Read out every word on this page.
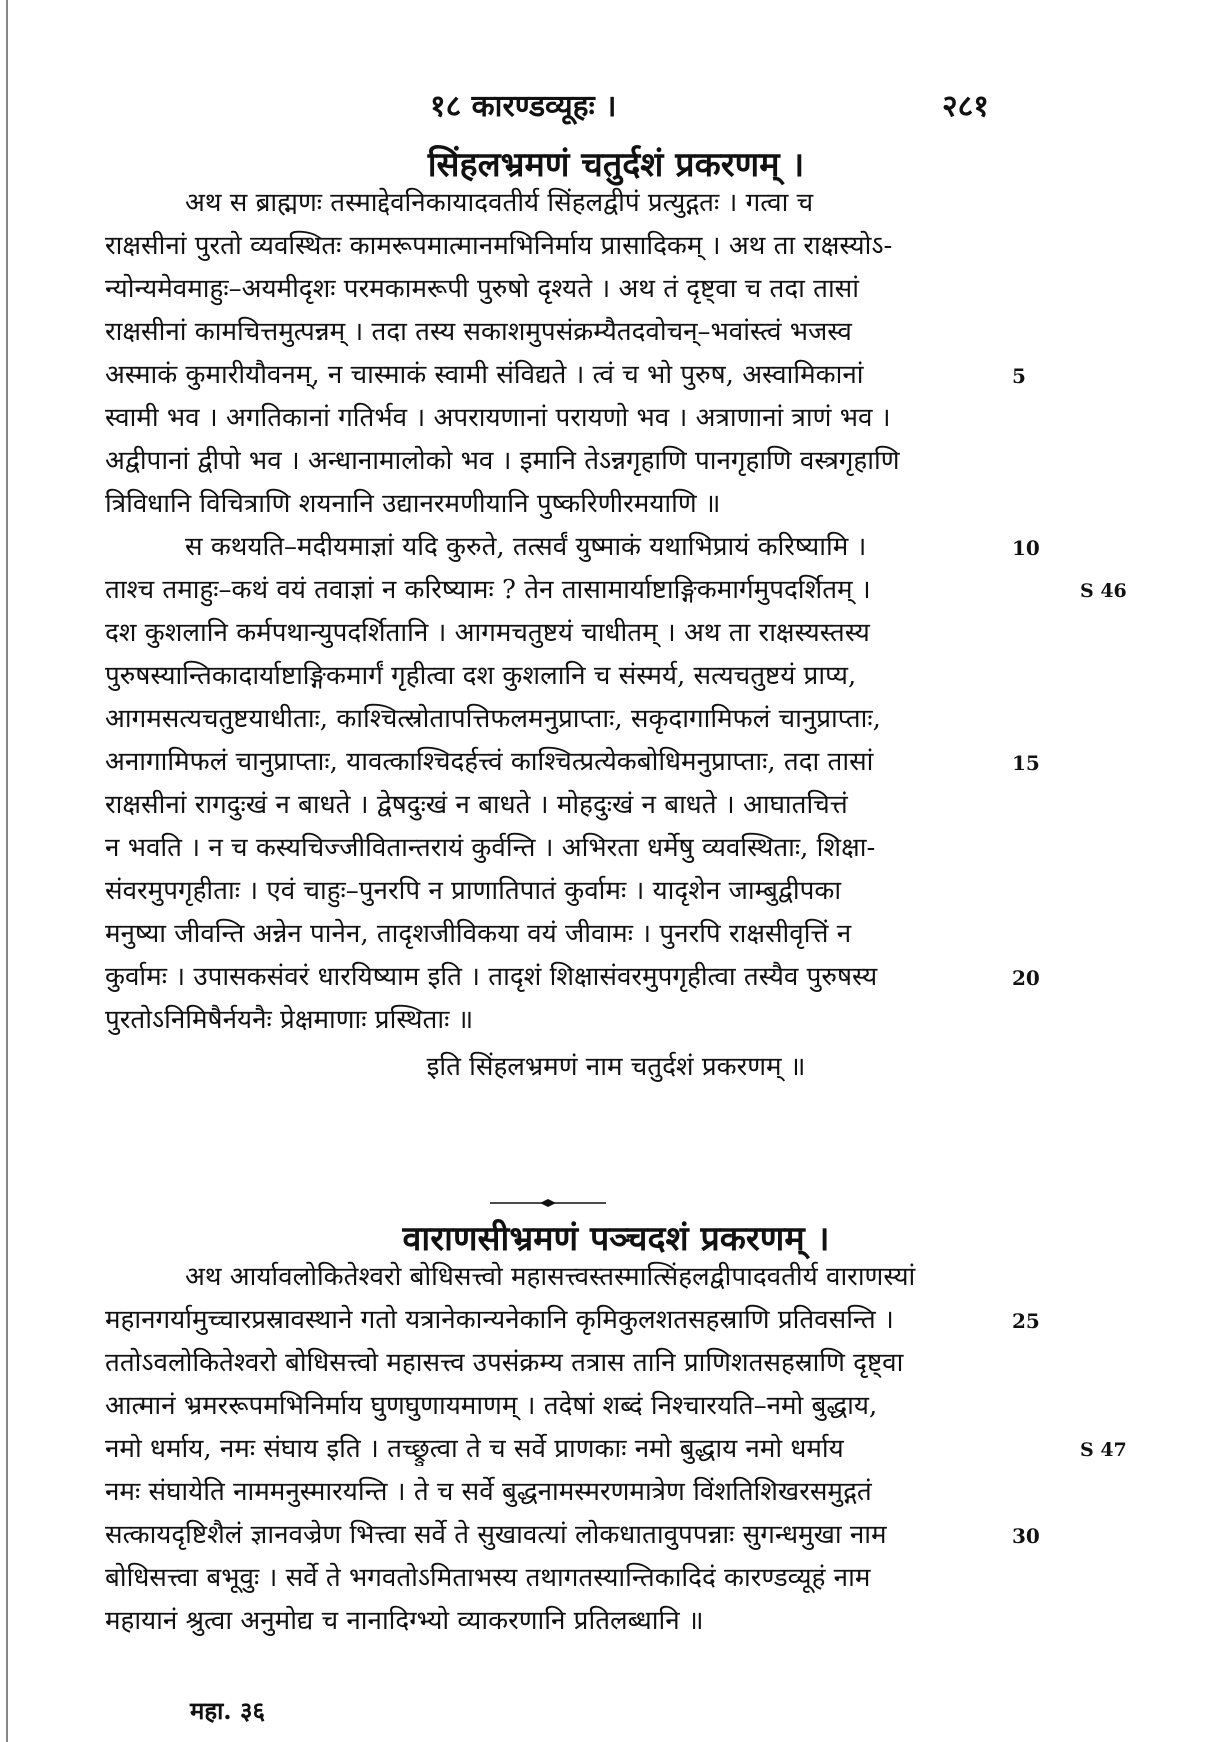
१८ कारण्डव्यूहः ।	२८१
सिंहलभ्रमणं चतुर्दशं प्रकरणम् ।
अथ स ब्राह्मणः तस्माद्देवनिकायादवतीर्य सिंहलद्वीपं प्रत्युद्गतः । गत्वा च
राक्षसीनां पुरतो व्यवस्थितः कामरूपमात्मानमभिनिर्माय प्रासादिकम् । अथ ता राक्षस्योऽ-
न्योन्यमेवमाहुः–अयमीदृशः परमकामरूपी पुरुषो दृश्यते । अथ तं दृष्ट्वा च तदा तासां
राक्षसीनां कामचित्तमुत्पन्नम् । तदा तस्य सकाशमुपसंक्रम्यैतदवोचन्–भवांस्त्वं भजस्व
अस्माकं कुमारीयौवनम्, न चास्माकं स्वामी संविद्यते । त्वं च भो पुरुष, अस्वामिकानां
स्वामी भव । अगतिकानां गतिर्भव । अपरायणानां परायणो भव । अत्राणानां त्राणं भव ।
अद्वीपानां द्वीपो भव । अन्धानामालोको भव । इमानि तेऽन्नगृहाणि पानगृहाणि वस्त्रगृहाणि
त्रिविधानि विचित्राणि शयनानि उद्यानरमणीयानि पुष्करिणीरमयाणि ॥
स कथयति–मदीयमाज्ञां यदि कुरुते, तत्सर्वं युष्माकं यथाभिप्रायं करिष्यामि ।
ताश्च तमाहुः–कथं वयं तवाज्ञां न करिष्यामः ? तेन तासामार्याष्टाङ्गिकमार्गमुपदर्शितम् ।
दश कुशलानि कर्मपथान्युपदर्शितानि । आगमचतुष्टयं चाधीतम् । अथ ता राक्षस्यस्तस्य
पुरुषस्यान्तिकादार्याष्टाङ्गिकमार्गं गृहीत्वा दश कुशलानि च संस्मर्य, सत्यचतुष्टयं प्राप्य,
आगमसत्यचतुष्टयाधीताः, काश्चित्स्रोतापत्तिफलमनुप्राप्ताः, सकृदागामिफलं चानुप्राप्ताः,
अनागामिफलं चानुप्राप्ताः, यावत्काश्चिदर्हत्त्वं काश्चित्प्रत्येकबोधिमनुप्राप्ताः, तदा तासां
राक्षसीनां रागदुःखं न बाधते । द्वेषदुःखं न बाधते । मोहदुःखं न बाधते । आघातचित्तं
न भवति । न च कस्यचिज्जीवितान्तरायं कुर्वन्ति । अभिरता धर्मेषु व्यवस्थिताः, शिक्षा-
संवरमुपगृहीताः । एवं चाहुः–पुनरपि न प्राणातिपातं कुर्वामः । यादृशेन जाम्बुद्वीपका
मनुष्या जीवन्ति अन्नेन पानेन, तादृशजीविकया वयं जीवामः । पुनरपि राक्षसीवृत्तिं न
कुर्वामः । उपासकसंवरं धारयिष्याम इति । तादृशं शिक्षासंवरमुपगृहीत्वा तस्यैव पुरुषस्य
पुरतोऽनिमिषैर्नयनैः प्रेक्षमाणाः प्रस्थिताः ॥
इति सिंहलभ्रमणं नाम चतुर्दशं प्रकरणम् ॥
वाराणसीभ्रमणं पञ्चदशं प्रकरणम् ।
अथ आर्यावलोकितेश्वरो बोधिसत्त्वो महासत्त्वस्तस्मात्सिंहलद्वीपादवतीर्य वाराणस्यां
महानगर्यामुच्चारप्रस्रावस्थाने गतो यत्रानेकान्यनेकानि कृमिकुलशतसहस्राणि प्रतिवसन्ति ।
ततोऽवलोकितेश्वरो बोधिसत्त्वो महासत्त्व उपसंक्रम्य तत्रास तानि प्राणिशतसहस्राणि दृष्ट्वा
आत्मानं भ्रमररूपमभिनिर्माय घुणघुणायमाणम् । तदेषां शब्दं निश्चारयति–नमो बुद्धाय,
नमो धर्माय, नमः संघाय इति । तच्छ्रुत्वा ते च सर्वे प्राणकाः नमो बुद्धाय नमो धर्माय
नमः संघायेति नाममनुस्मारयन्ति । ते च सर्वे बुद्धनामस्मरणमात्रेण विंशतिशिखरसमुद्गतं
सत्कायदृष्टिशैलं ज्ञानवज्रेण भित्त्वा सर्वे ते सुखावत्यां लोकधातावुपपन्नाः सुगन्धमुखा नाम
बोधिसत्त्वा बभूवुः । सर्वे ते भगवतोऽमिताभस्य तथागतस्यान्तिकादिदं कारण्डव्यूहं नाम
महायानं श्रुत्वा अनुमोद्य च नानादिग्भ्यो व्याकरणानि प्रतिलब्धानि ॥
5
10
15
20
25
30
S 46
S 47
महा. ३६
